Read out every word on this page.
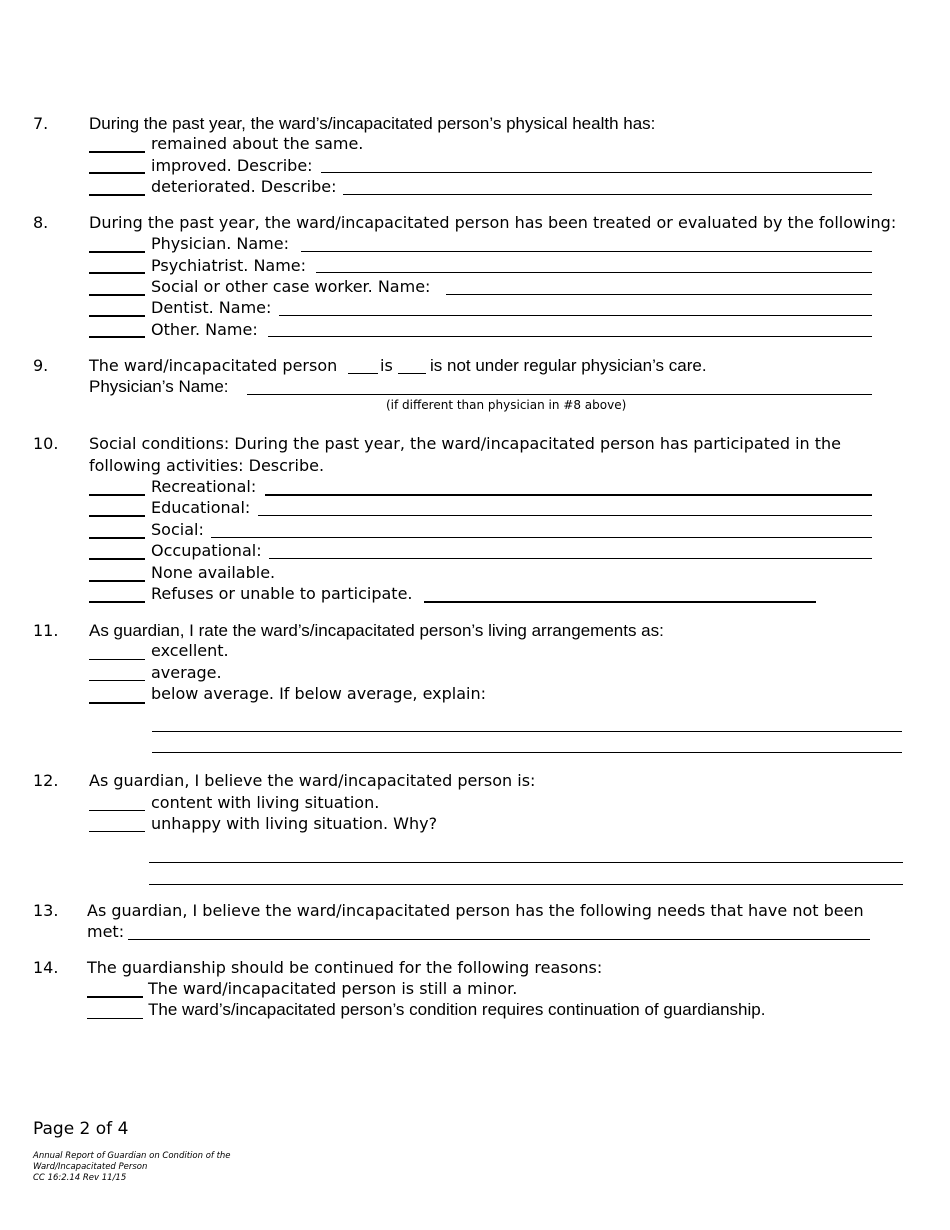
7. During the past year, the ward’s/incapacitated person’s physical health has:
remained about the same.
improved. Describe:
deteriorated. Describe:
8.	During the past year, the ward/incapacitated person has been treated or evaluated by the following:
Physician. Name:
Psychiatrist. Name:
Social or other case worker. Name:
Dentist. Name:
Other. Name:
9.	The ward/incapacitated person	is is not under regular physician’s care.
Physician’s Name:
(if different than physician in #8 above)
10. Social conditions: During the past year, the ward/incapacitated person has participated in the
following activities: Describe.
Recreational:
Educational:
Social:
Occupational:
None available.
Refuses or unable to participate.
11. As guardian, I rate the ward’s/incapacitated person’s living arrangements as:
excellent.
average.
below average. If below average, explain:
12. As guardian, I believe the ward/incapacitated person is:
content with living situation.
unhappy with living situation. Why?
13. As guardian, I believe the ward/incapacitated person has the following needs that have not been
met:
14. The guardianship should be continued for the following reasons:
The ward/incapacitated person is still a minor.
The ward’s/incapacitated person’s condition requires continuation of guardianship.
Page 2 of 4
Annual Report of Guardian on Condition of the
Ward/Incapacitated Person
CC 16:2.14 Rev 11/15
